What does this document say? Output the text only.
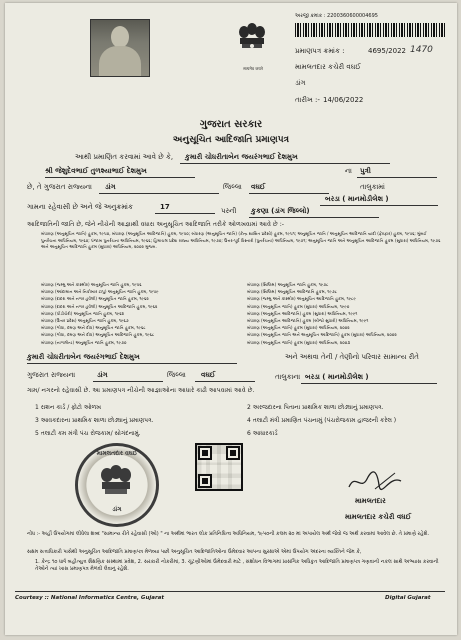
सत्यमेव जयते
અરજી ક્રમાંક : 2200360600004695
પ્રમાણપત્ર ક્રમાંક :	4695/2022 1470
મામલતદાર કચેરી વઘઈ
ડાંગ
તારીખ :- 14/06/2022
ગુજરાત સરકાર
અનુસૂચિત આદિજાતિ પ્રમાણપત્ર
આથી પ્રમાણિત કરવામાં આવે છે કે, કુમારી ચોધરીતાબેન જયરંગભાઈ દેશમુખ
શ્રી જેશુદેવભાઈ તુળશ્યાભાઈ દેશમુખ	ના પુત્રી
છે, તે ગુજરાત રાજ્યના ડાંગ	જિલ્લા વઘઈ	તાલુકામાં
બરડા ( માનમોડીલેશ )
ગામના રહેવાસી છે અને જે અનુક્રમાંક	17	પરની કુકણા (ડાંગ જિલ્લો)
આદિજાતિની જાતિ છે, જેને નીચેની આજ્ઞાથી વધારા અનુસૂચિત આદિજાતિ તરીકે ઓળખવામાં આવે છે :-
બંધારણ (અનુસૂચિત જાતિ) હુકમ, ૧૯૫૦, બંધારણ (અનુસૂચિત આદિજાતિ) હુકમ, ૧૯૫૦; બંધારણ (અનુસૂચિત જાતિ) (કેન્દ્ર શાસિત પ્રદેશો) હુકમ, ૧૯૫૧; અનુસૂચિત જાતિ / અનુસૂચિત આદિજાતિ યાદી (ફેરફાર) હુકમ, ૧૯૫૬; મુંબઈ પુનર્રચના અધિનિયમ, ૧૯૬૦; પંજાબ પુનર્રચના અધિનિયમ, ૧૯૬૬; હિમાચલ પ્રદેશ રાજ્ય અધિનિયમ, ૧૯૭૦; ઉત્તર-પૂર્વ વિસ્તારો (પુનર્રચના) અધિનિયમ, ૧૯૭૧; અનુસૂચિત જાતિ અને અનુસૂચિત આદિજાતિ હુકમ (સુધારા) અધિનિયમ, ૧૯૭૬ અને અનુસૂચિત આદિજાતિ હુકમ (સુધારા) અધિનિયમ, ૨૦૦૨ મુજબ.
બંધારણ (જમ્મુ અને કાશ્મીર) અનુસૂચિત જાતિ હુકમ, ૧૯૫૬
બંધારણ (આંદામાન અને નિકોબાર ટાપુ) અનુસૂચિત જાતિ હુકમ, ૧૯૫૯
બંધારણ (દાદરા અને નગર હવેલી) અનુસૂચિત જાતિ હુકમ, ૧૯૬૨
બંધારણ (દાદરા અને નગર હવેલી) અનુસૂચિત આદિજાતિ હુકમ, ૧૯૬૨
બંધારણ (પોંડીચેરી) અનુસૂચિત જાતિ હુકમ, ૧૯૬૪
બંધારણ (ઉત્તર પ્રદેશ) અનુસૂચિત જાતિ હુકમ, ૧૯૬૭
બંધારણ (ગોવા, દમણ અને દીવ) અનુસૂચિત જાતિ હુકમ, ૧૯૬૮
બંધારણ (ગોવા, દમણ અને દીવ) અનુસૂચિત આદિજાતિ હુકમ, ૧૯૬૮
બંધારણ (નાગાલેન્ડ) અનુસૂચિત જાતિ હુકમ, ૧૯૭૦
બંધારણ (સિક્કિમ) અનુસૂચિત જાતિ હુકમ, ૧૯૭૮
બંધારણ (સિક્કિમ) અનુસૂચિત આદિજાતિ હુકમ, ૧૯૭૮
બંધારણ (જમ્મુ અને કાશ્મીર) અનુસૂચિત આદિજાતિ હુકમ, ૧૯૮૯
બંધારણ (અનુસૂચિત જાતિ) હુકમ (સુધારા) અધિનિયમ, ૧૯૯૦
બંધારણ (અનુસૂચિત આદિજાતિ) હુકમ (સુધારા) અધિનિયમ, ૧૯૯૧
બંધારણ (અનુસૂચિત આદિજાતિ) હુકમ (બીજો સુધારો) અધિનિયમ, ૧૯૯૧
બંધારણ (અનુસૂચિત જાતિ) હુકમ (સુધારા) અધિનિયમ, ૨૦૦૨
બંધારણ (અનુસૂચિત જાતિ અને અનુસૂચિત આદિજાતિ) હુકમ (સુધારા) અધિનિયમ, ૨૦૦૨
બંધારણ (અનુસૂચિત જાતિ) હુકમ (સુધારા) અધિનિયમ, ૨૦૦૩
કુમારી ચોધરીતાબેન જયરંગભાઈ દેશમુખ	અને અથવા તેની / તેણીનો પરિવાર સામાન્ય રીતે
ગુજરાત રાજ્યના	ડાંગ	જિલ્લા વઘઈ	તાલુકાના બરડા ( માનમોડીલેશ )
ગામ/ નગરનો રહેવાસી છે. આ પ્રમાણપત્ર નીચેની આજ્ઞાઓના આધારે કાઢી આપવામાં આવે છે.
1 રાશન કાર્ડ / ફોટો ઓળખ
3 આવકદારના પ્રાથમિક શાળા છોડ્યાનું પ્રમાણપત્ર.
5 તલાટી કમ મંત્રી પંચ રોજકામ/ સોગંદનામું.
2 અરજદારના પિતાના પ્રાથમિક શાળા છોડ્યાનું પ્રમાણપત્ર.
4 તલાટી મંત્રી પ્રમાણિત પંચનામું (પંચરોજકામ હાજરની કરેલ )
6 આધારકાર્ડ
મામલતદાર વઘઈ
ડાંગ
મામલતદાર
મામલતદાર કચેરી વઘઈ
નોંધ :- અહીં ઉપયોગમાં લીધેલા શબ્દ "સામાન્ય રીતે રહેવાસી (ઓ) " ના અર્થમાં ભારત લોક પ્રતિનિધિત્વ અધિનિયમ, ૧૯૫૦ની કલમ ૨૦ માં અપાયેલ અર્થ જેવો જ અર્થ કરવામાં આવેલ છે. તે પ્રમાણે રહેશે.
સક્ષમ સત્તાધિકારી પાસેથી અનુસૂચિત આદિજાતિ પ્રમાણપત્ર મેળવ્યા પછી અનુસૂચિત આદિજાતિઓના ઉમેદવાર આપના સુરક્ષાએ એમાં ઉપયોગ અંદરના વ્યક્તિને જેમ કે,
1. કેન્દ્ર ૧૦ ધાર્ષ બહીત્યુત્ત શૈક્ષણિક સંસ્થામાં પ્રવેશ, 2. સરકારી નોકરીમાં, 3. ચૂંટણીઓમાં ઉમેદવારી માટે , સંશોધન વિભાગમાં પ્રાસંગિક અધિકૃત આદિજાતિ પ્રમાણપત્ર ગણવાની નકલ સાથે અભ્યાસ કરવાની તેઓને ત્યાં ખાસ પ્રમાણપત્ર મેળવી લેવાનું રહેશે.
Courtesy :: National Informatics Centre, Gujarat	Digital Gujarat
